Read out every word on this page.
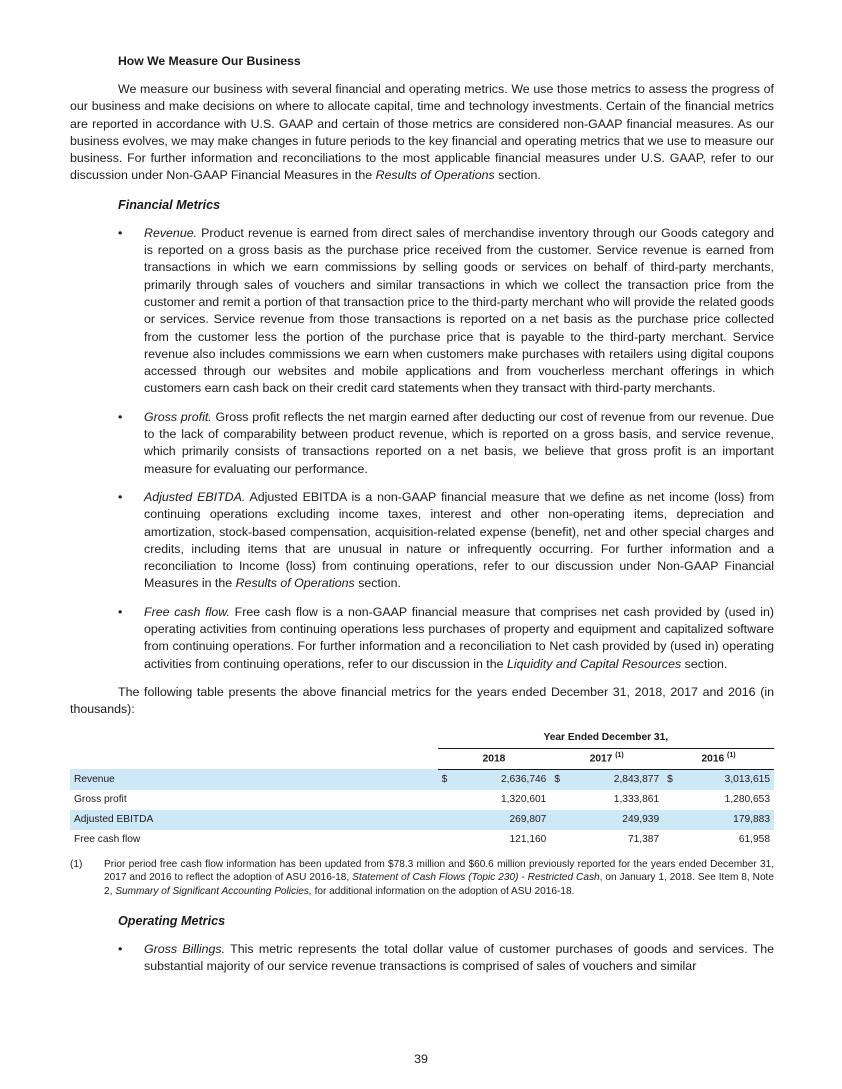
How We Measure Our Business

We measure our business with several financial and operating metrics. We use those metrics to assess the progress of our business and make decisions on where to allocate capital, time and technology investments. Certain of the financial metrics are reported in accordance with U.S. GAAP and certain of those metrics are considered non-GAAP financial measures. As our business evolves, we may make changes in future periods to the key financial and operating metrics that we use to measure our business. For further information and reconciliations to the most applicable financial measures under U.S. GAAP, refer to our discussion under Non-GAAP Financial Measures in the Results of Operations section.

Financial Metrics
• Revenue. Product revenue is earned from direct sales of merchandise inventory through our Goods category and is reported on a gross basis as the purchase price received from the customer. Service revenue is earned from transactions in which we earn commissions by selling goods or services on behalf of third-party merchants, primarily through sales of vouchers and similar transactions in which we collect the transaction price from the customer and remit a portion of that transaction price to the third-party merchant who will provide the related goods or services. Service revenue from those transactions is reported on a net basis as the purchase price collected from the customer less the portion of the purchase price that is payable to the third-party merchant. Service revenue also includes commissions we earn when customers make purchases with retailers using digital coupons accessed through our websites and mobile applications and from voucherless merchant offerings in which customers earn cash back on their credit card statements when they transact with third-party merchants.

• Gross profit. Gross profit reflects the net margin earned after deducting our cost of revenue from our revenue. Due to the lack of comparability between product revenue, which is reported on a gross basis, and service revenue, which primarily consists of transactions reported on a net basis, we believe that gross profit is an important measure for evaluating our performance.

• Adjusted EBITDA. Adjusted EBITDA is a non-GAAP financial measure that we define as net income (loss) from continuing operations excluding income taxes, interest and other non-operating items, depreciation and amortization, stock-based compensation, acquisition-related expense (benefit), net and other special charges and credits, including items that are unusual in nature or infrequently occurring. For further information and a reconciliation to Income (loss) from continuing operations, refer to our discussion under Non-GAAP Financial Measures in the Results of Operations section.

• Free cash flow. Free cash flow is a non-GAAP financial measure that comprises net cash provided by (used in) operating activities from continuing operations less purchases of property and equipment and capitalized software from continuing operations. For further information and a reconciliation to Net cash provided by (used in) operating activities from continuing operations, refer to our discussion in the Liquidity and Capital Resources section.

The following table presents the above financial metrics for the years ended December 31, 2018, 2017 and 2016 (in thousands):

	Year Ended December 31,					
	2018		2017 $^{(1)}$		2016 $^{(1)}$
Revenue	$	2,636,746	$	2,843,877	$	3,013,615
Gross profit		1,320,601		1,333,861		1,280,653
Adjusted EBITDA		269,807		249,939		179,883
Free cash flow		121,160		71,387		61,958
(1)	Prior period free cash flow information has been updated from $78.3 million and $60.6 million previously reported for the years ended December 31, 2017 and 2016 to reflect the adoption of ASU 2016-18, Statement of Cash Flows (Topic 230) - Restricted Cash, on January 1, 2018. See Item 8, Note 2, Summary of Significant Accounting Policies, for additional information on the adoption of ASU 2016-18.
Operating Metrics
• Gross Billings. This metric represents the total dollar value of customer purchases of goods and services. The substantial majority of our service revenue transactions is comprised of sales of vouchers and similar

39
